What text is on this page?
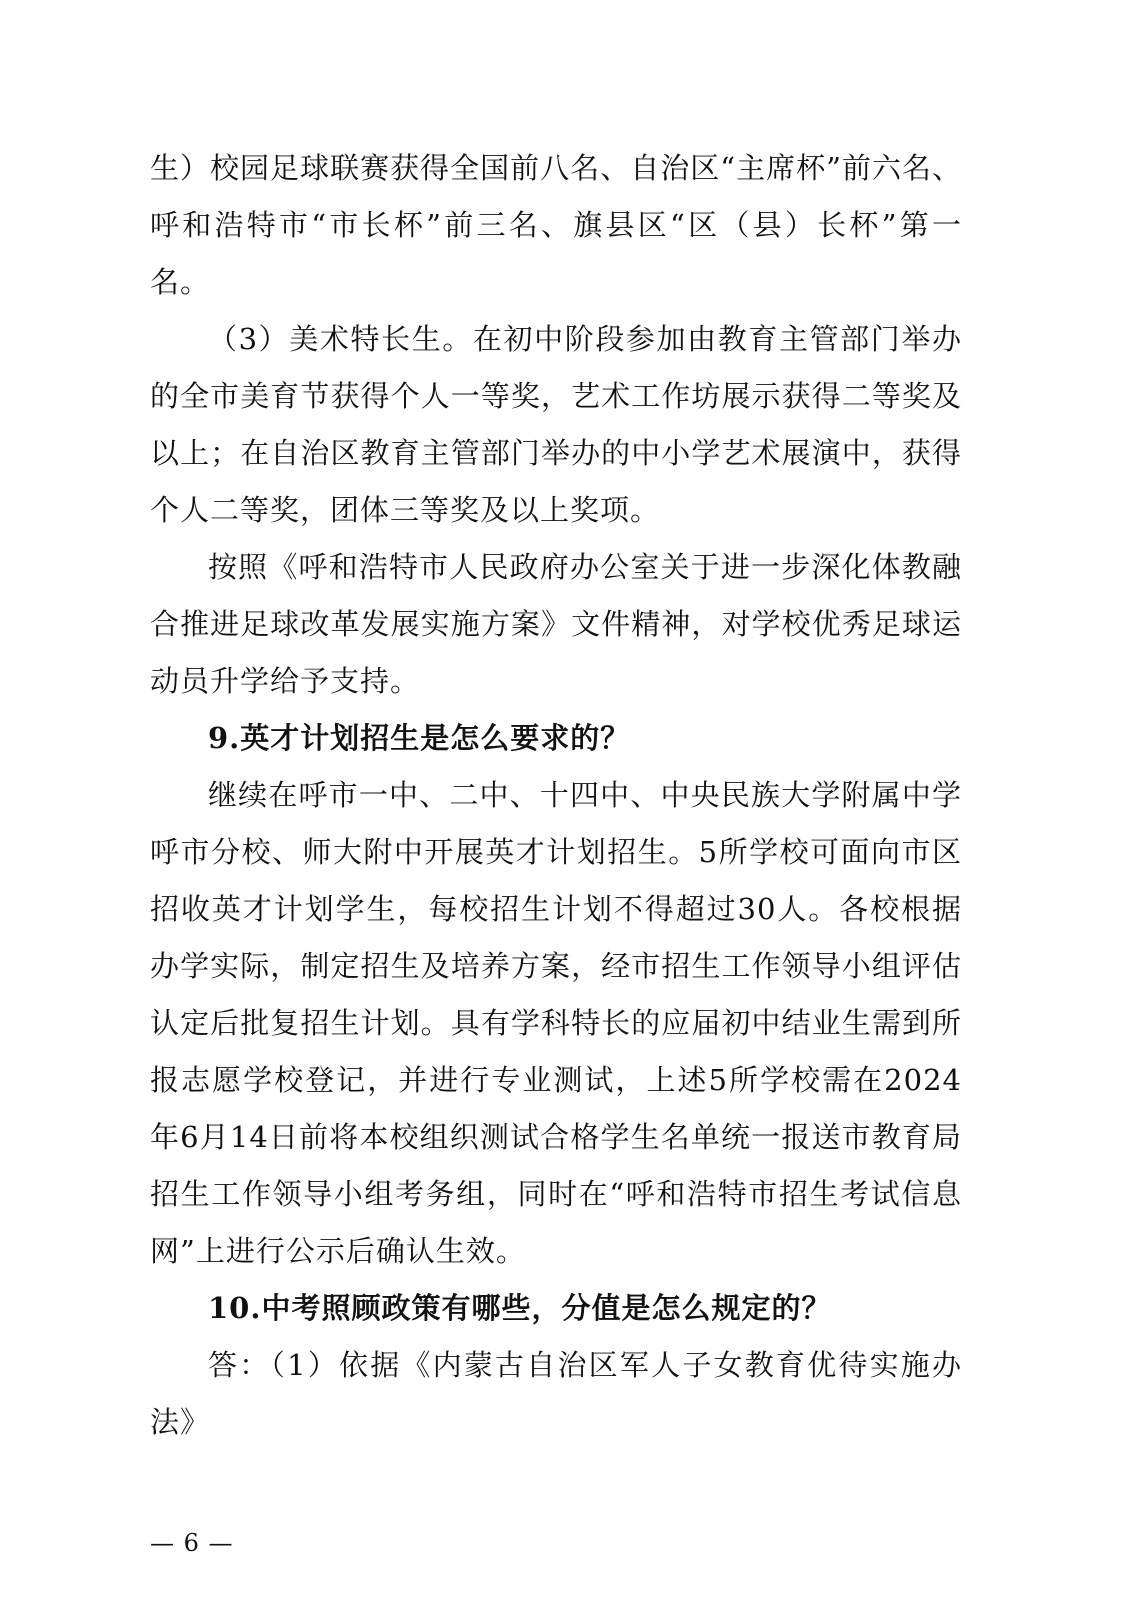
生）校园足球联赛获得全国前八名、自治区“主席杯”前六名、呼和浩特市“市长杯”前三名、旗县区“区（县）长杯”第一名。

（3）美术特长生。在初中阶段参加由教育主管部门举办的全市美育节获得个人一等奖，艺术工作坊展示获得二等奖及以上；在自治区教育主管部门举办的中小学艺术展演中，获得个人二等奖，团体三等奖及以上奖项。

按照《呼和浩特市人民政府办公室关于进一步深化体教融合推进足球改革发展实施方案》文件精神，对学校优秀足球运动员升学给予支持。

9.英才计划招生是怎么要求的？

继续在呼市一中、二中、十四中、中央民族大学附属中学呼市分校、师大附中开展英才计划招生。5所学校可面向市区招收英才计划学生，每校招生计划不得超过30人。各校根据办学实际，制定招生及培养方案，经市招生工作领导小组评估认定后批复招生计划。具有学科特长的应届初中结业生需到所报志愿学校登记，并进行专业测试，上述5所学校需在2024年6月14日前将本校组织测试合格学生名单统一报送市教育局招生工作领导小组考务组，同时在“呼和浩特市招生考试信息网”上进行公示后确认生效。

10.中考照顾政策有哪些，分值是怎么规定的？

答：（1）依据《内蒙古自治区军人子女教育优待实施办法》

— 6 —
